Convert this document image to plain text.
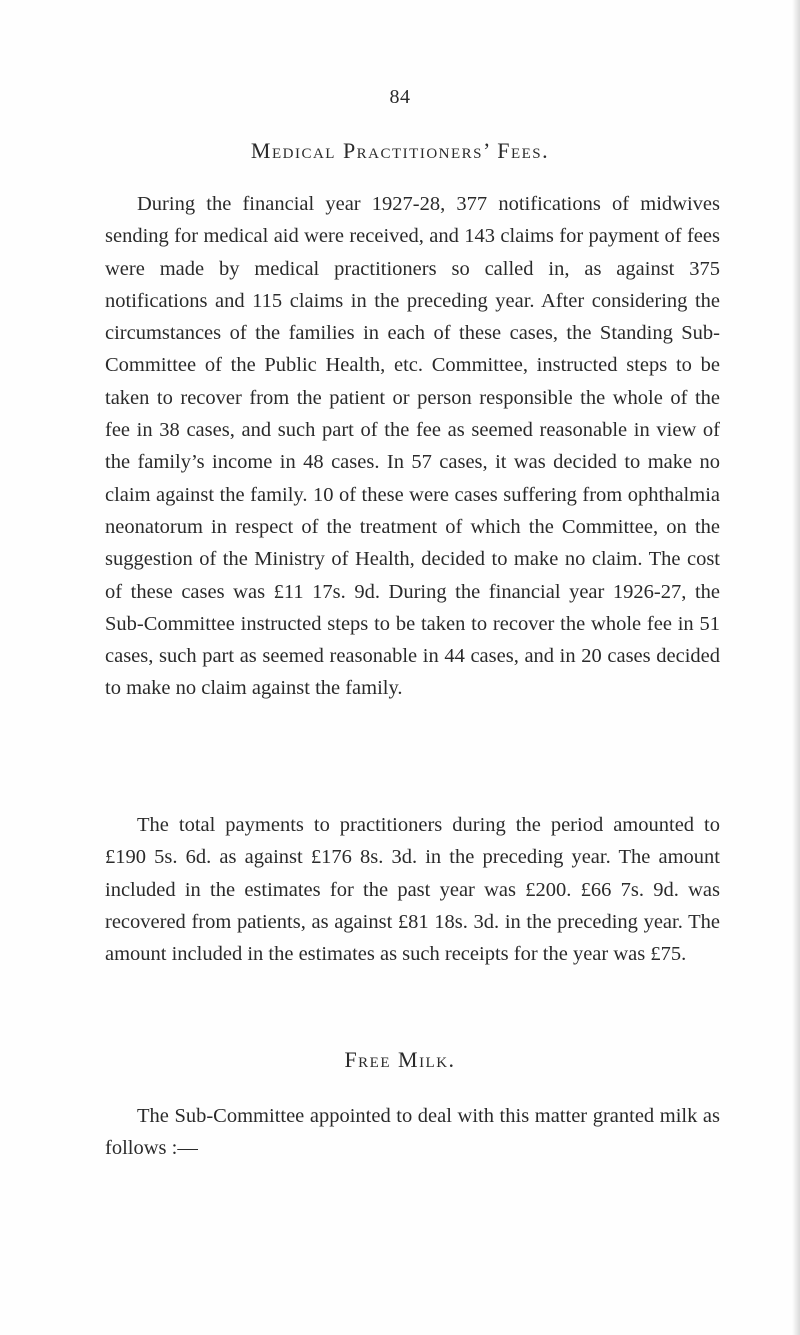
84
Medical Practitioners’ Fees.

During the financial year 1927-28, 377 notifications of midwives sending for medical aid were received, and 143 claims for payment of fees were made by medical practitioners so called in, as against 375 notifications and 115 claims in the preceding year. After considering the circumstances of the families in each of these cases, the Standing Sub-Committee of the Public Health, etc. Committee, instructed steps to be taken to recover from the patient or person responsible the whole of the fee in 38 cases, and such part of the fee as seemed reasonable in view of the family’s income in 48 cases. In 57 cases, it was decided to make no claim against the family. 10 of these were cases suffering from ophthalmia neonatorum in respect of the treatment of which the Committee, on the suggestion of the Ministry of Health, decided to make no claim. The cost of these cases was £11 17s. 9d. During the financial year 1926-27, the Sub-Committee instructed steps to be taken to recover the whole fee in 51 cases, such part as seemed reasonable in 44 cases, and in 20 cases decided to make no claim against the family.

The total payments to practitioners during the period amounted to £190 5s. 6d. as against £176 8s. 3d. in the preceding year. The amount included in the estimates for the past year was £200. £66 7s. 9d. was recovered from patients, as against £81 18s. 3d. in the preceding year. The amount included in the estimates as such receipts for the year was £75.

Free Milk.

The Sub-Committee appointed to deal with this matter granted milk as follows :—
